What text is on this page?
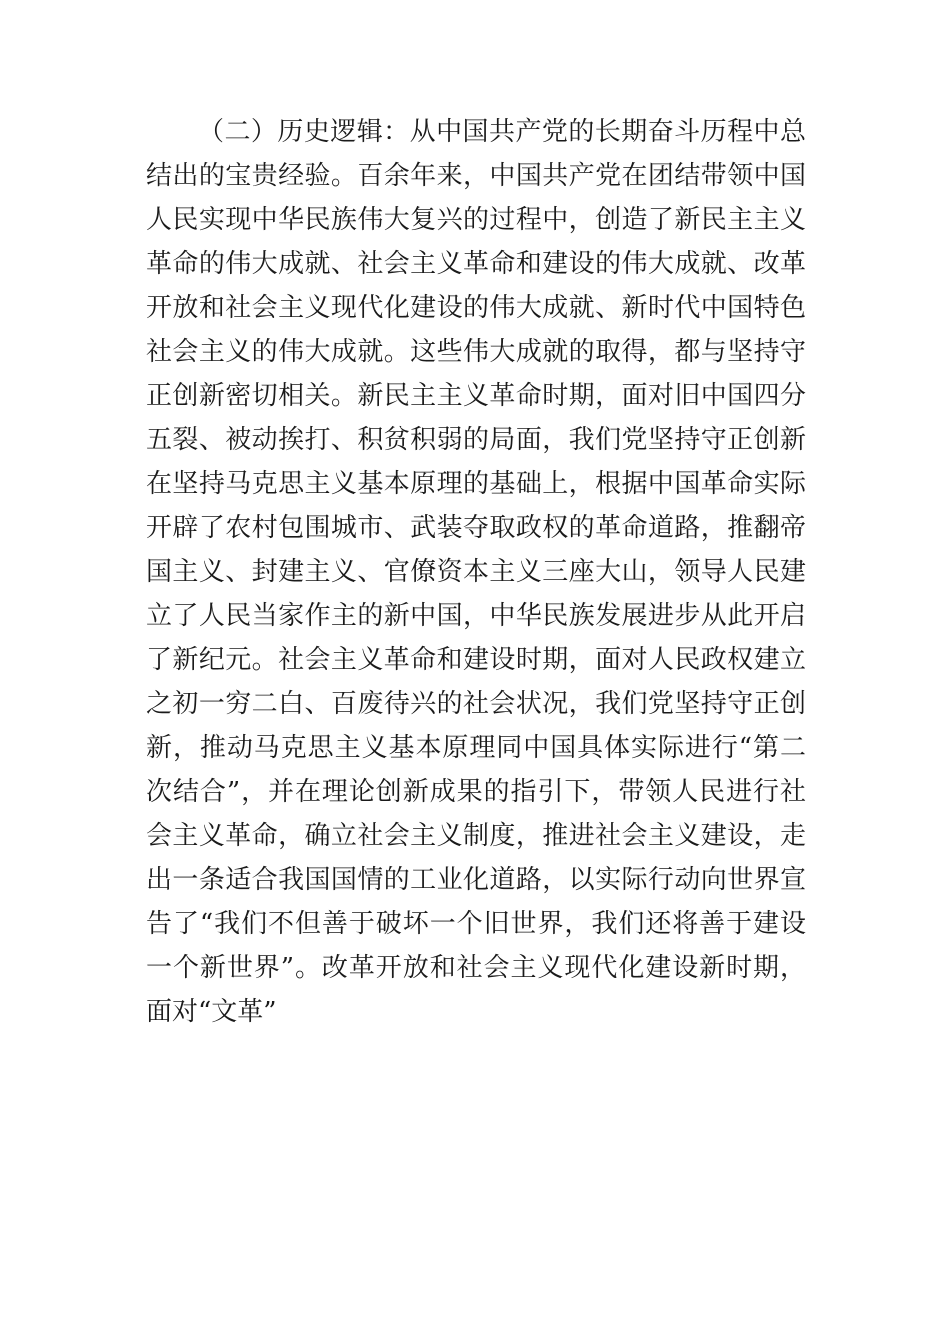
（二）历史逻辑：从中国共产党的长期奋斗历程中总
结出的宝贵经验。百余年来，中国共产党在团结带领中国
人民实现中华民族伟大复兴的过程中，创造了新民主主义
革命的伟大成就、社会主义革命和建设的伟大成就、改革
开放和社会主义现代化建设的伟大成就、新时代中国特色
社会主义的伟大成就。这些伟大成就的取得，都与坚持守
正创新密切相关。新民主主义革命时期，面对旧中国四分
五裂、被动挨打、积贫积弱的局面，我们党坚持守正创新
在坚持马克思主义基本原理的基础上，根据中国革命实际
开辟了农村包围城市、武装夺取政权的革命道路，推翻帝
国主义、封建主义、官僚资本主义三座大山，领导人民建
立了人民当家作主的新中国，中华民族发展进步从此开启
了新纪元。社会主义革命和建设时期，面对人民政权建立
之初一穷二白、百废待兴的社会状况，我们党坚持守正创
新，推动马克思主义基本原理同中国具体实际进行“第二
次结合”，并在理论创新成果的指引下，带领人民进行社
会主义革命，确立社会主义制度，推进社会主义建设，走
出一条适合我国国情的工业化道路，以实际行动向世界宣
告了“我们不但善于破坏一个旧世界，我们还将善于建设
一个新世界”。改革开放和社会主义现代化建设新时期，
面对“文革”
